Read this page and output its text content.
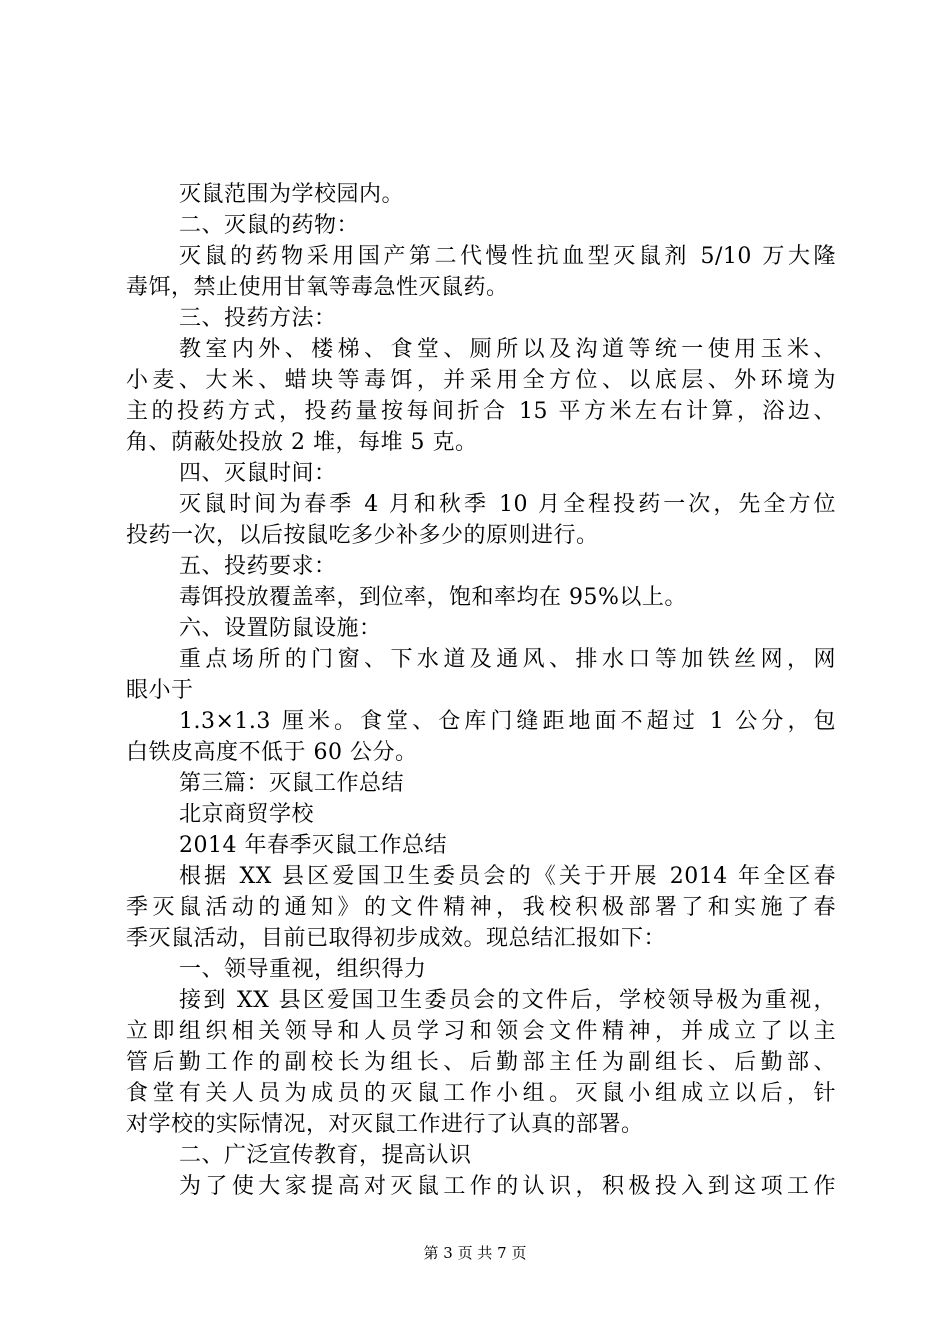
灭鼠范围为学校园内。
二、灭鼠的药物：
灭鼠的药物采用国产第二代慢性抗血型灭鼠剂 5/10 万大隆
毒饵，禁止使用甘氧等毒急性灭鼠药。
三、投药方法：
教室内外、楼梯、食堂、厕所以及沟道等统一使用玉米、
小麦、大米、蜡块等毒饵，并采用全方位、以底层、外环境为
主的投药方式，投药量按每间折合 15 平方米左右计算，浴边、
角、荫蔽处投放 2 堆，每堆 5 克。
四、灭鼠时间：
灭鼠时间为春季 4 月和秋季 10 月全程投药一次，先全方位
投药一次，以后按鼠吃多少补多少的原则进行。
五、投药要求：
毒饵投放覆盖率，到位率，饱和率均在 95%以上。
六、设置防鼠设施：
重点场所的门窗、下水道及通风、排水口等加铁丝网，网
眼小于
1.3×1.3 厘米。食堂、仓库门缝距地面不超过 1 公分，包
白铁皮高度不低于 60 公分。
第三篇：灭鼠工作总结
北京商贸学校
2014 年春季灭鼠工作总结
根据 XX 县区爱国卫生委员会的《关于开展 2014 年全区春
季灭鼠活动的通知》的文件精神，我校积极部署了和实施了春
季灭鼠活动，目前已取得初步成效。现总结汇报如下：
一、领导重视，组织得力
接到 XX 县区爱国卫生委员会的文件后，学校领导极为重视，
立即组织相关领导和人员学习和领会文件精神，并成立了以主
管后勤工作的副校长为组长、后勤部主任为副组长、后勤部、
食堂有关人员为成员的灭鼠工作小组。灭鼠小组成立以后，针
对学校的实际情况，对灭鼠工作进行了认真的部署。
二、广泛宣传教育，提高认识
为了使大家提高对灭鼠工作的认识，积极投入到这项工作
第 3 页 共 7 页
